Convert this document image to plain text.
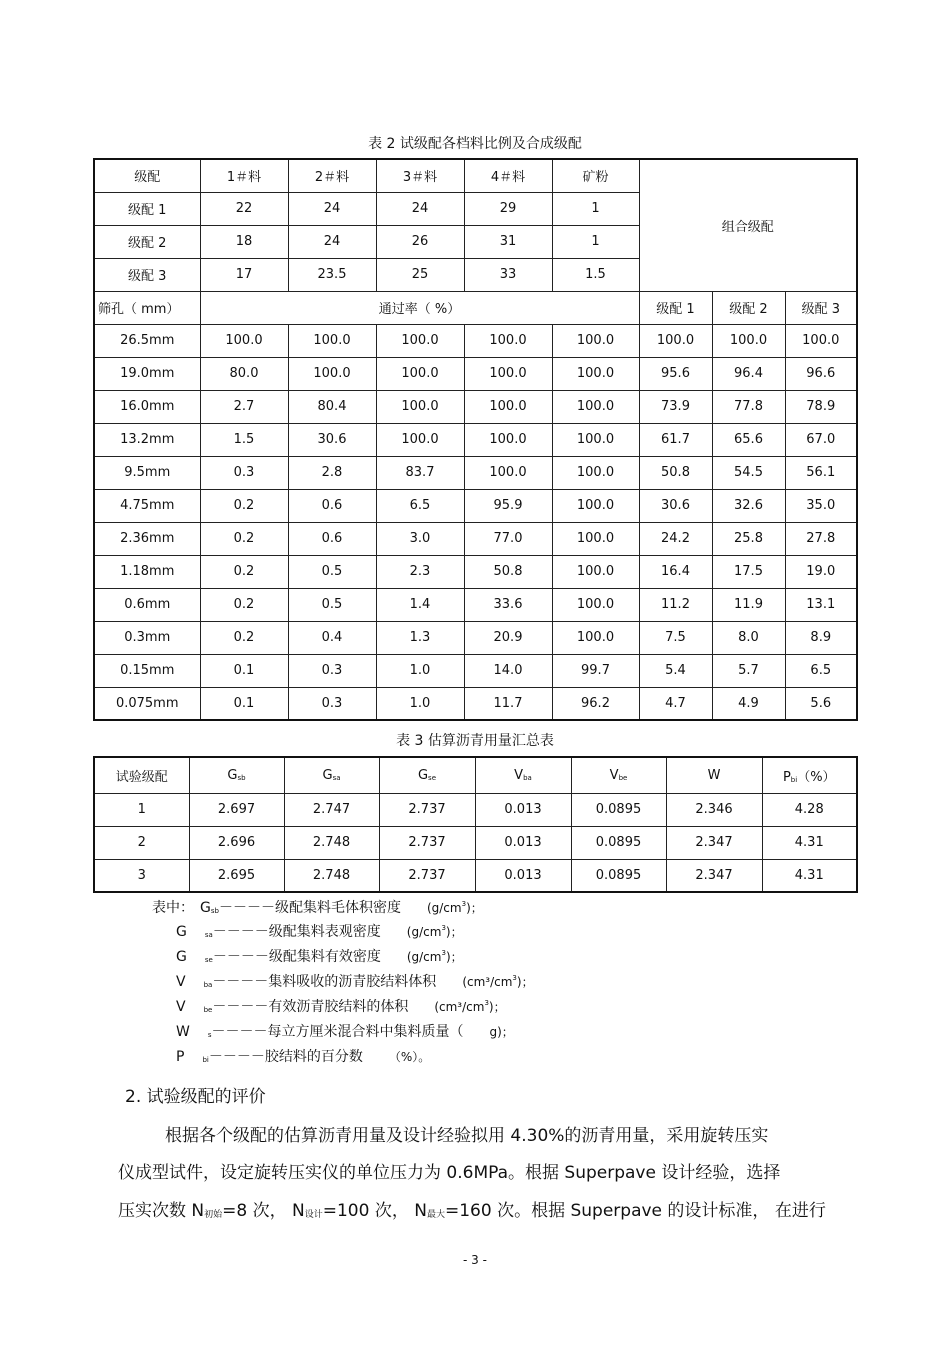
表 2 试级配各档料比例及合成级配
级配	1＃料	2＃料	3＃料	4＃料	矿粉	组合级配		
级配 1	22	24	24	29	1			
级配 2	18	24	26	31	1			
级配 3	17	23.5	25	33	1.5			
筛孔（ mm）	通过率（ %）					级配 1	级配 2	级配 3
26.5mm	100.0	100.0	100.0	100.0	100.0	100.0	100.0	100.0
19.0mm	80.0	100.0	100.0	100.0	100.0	95.6	96.4	96.6
16.0mm	2.7	80.4	100.0	100.0	100.0	73.9	77.8	78.9
13.2mm	1.5	30.6	100.0	100.0	100.0	61.7	65.6	67.0
9.5mm	0.3	2.8	83.7	100.0	100.0	50.8	54.5	56.1
4.75mm	0.2	0.6	6.5	95.9	100.0	30.6	32.6	35.0
2.36mm	0.2	0.6	3.0	77.0	100.0	24.2	25.8	27.8
1.18mm	0.2	0.5	2.3	50.8	100.0	16.4	17.5	19.0
0.6mm	0.2	0.5	1.4	33.6	100.0	11.2	11.9	13.1
0.3mm	0.2	0.4	1.3	20.9	100.0	7.5	8.0	8.9
0.15mm	0.1	0.3	1.0	14.0	99.7	5.4	5.7	6.5
0.075mm	0.1	0.3	1.0	11.7	96.2	4.7	4.9	5.6
表 3 估算沥青用量汇总表
试验级配	Gsb	Gsa	Gse	Vba	Vbe	W	Pbi（%）
1	2.697	2.747	2.737	0.013	0.0895	2.346	4.28
2	2.696	2.748	2.737	0.013	0.0895	2.347	4.31
3	2.695	2.748	2.737	0.013	0.0895	2.347	4.31
表中： Gsb－－－－级配集料毛体积密度 $(g/cm^3)$；
G	sa－－－－级配集料表观密度 $(g/cm^3)$；
G	se－－－－级配集料有效密度 $(g/cm^3)$；
V	ba－－－－集料吸收的沥青胶结料体积 $(cm^3/cm^3)$；
V	be－－－－有效沥青胶结料的体积 $(cm^3/cm^3)$；
W	s－－－－每立方厘米混合料中集料质量（ g)；
P	bi－－－－胶结料的百分数 （%）。
2. 试验级配的评价
根据各个级配的估算沥青用量及设计经验拟用 4.30%的沥青用量，采用旋转压实
仪成型试件，设定旋转压实仪的单位压力为 0.6MPa。根据 Superpave 设计经验，选择
压实次数 N初始=8 次， N设计=100 次， N最大=160 次。根据 Superpave 的设计标准， 在进行
- 3 -
